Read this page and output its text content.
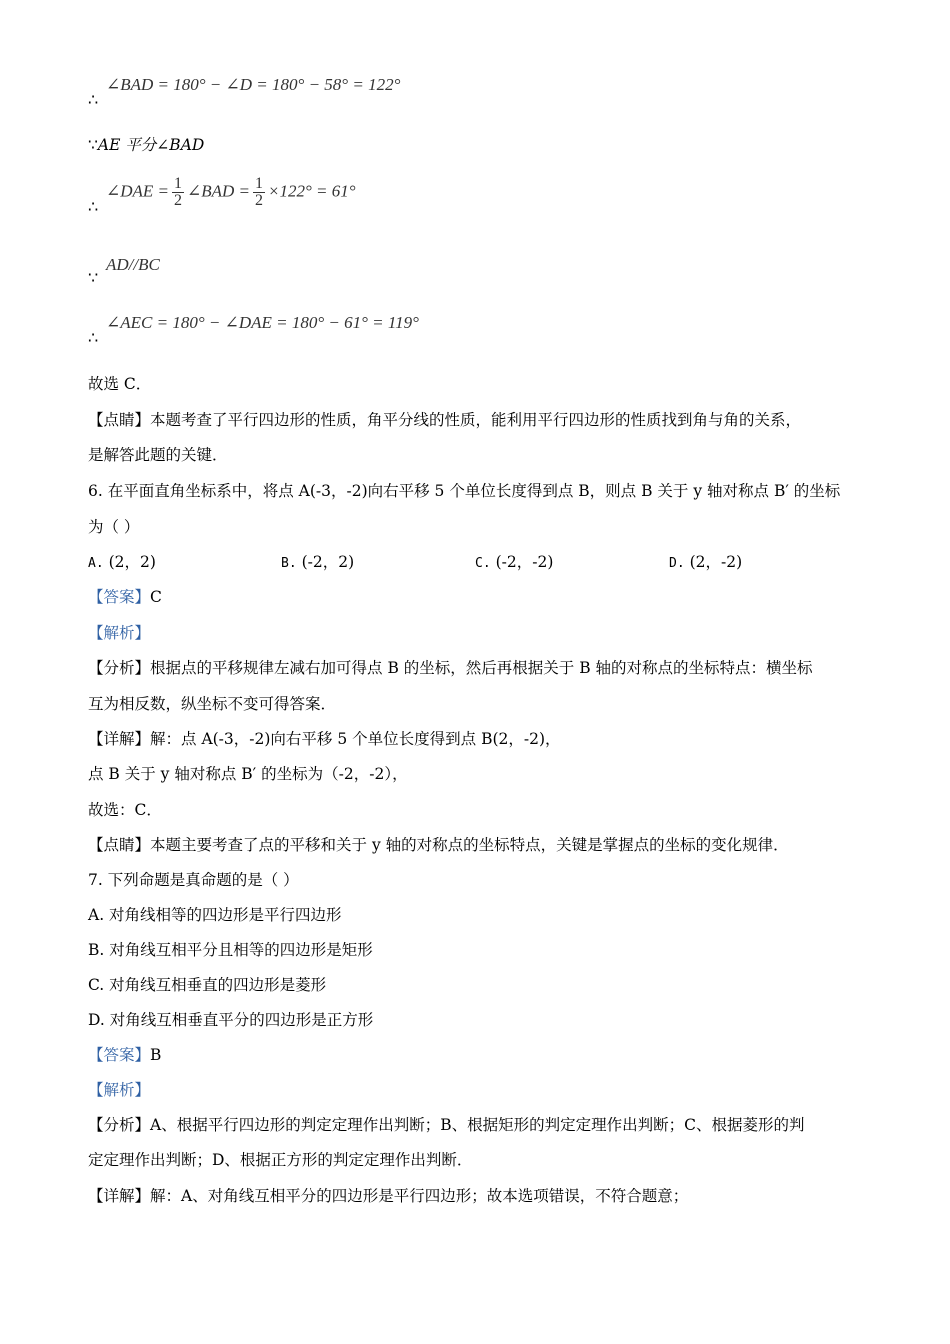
∠BAD = 180° − ∠D = 180° − 58° = 122°
∴
∵AE 平分∠BAD
∠DAE = $\frac{1}{2}$ ∠BAD = $\frac{1}{2} \times 122^\circ = 61^\circ$
∴
AD//BC
∵
∠AEC = 180° − ∠DAE = 180° − 61° = 119°
∴
故选 C．
【点睛】本题考查了平行四边形的性质，角平分线的性质，能利用平行四边形的性质找到角与角的关系，
是解答此题的关键．
6. 在平面直角坐标系中，将点 A(-3，-2)向右平移 5 个单位长度得到点 B，则点 B 关于 y 轴对称点 B′ 的坐标
为（ ）
A. (2，2)	B. (-2，2)	C. (-2，-2)	D. (2，-2)
【答案】C
【解析】
【分析】根据点的平移规律左减右加可得点 B 的坐标，然后再根据关于 B 轴的对称点的坐标特点：横坐标
互为相反数，纵坐标不变可得答案．
【详解】解：点 A(-3，-2)向右平移 5 个单位长度得到点 B(2，-2)，
点 B 关于 y 轴对称点 B′ 的坐标为（-2，-2），
故选：C．
【点睛】本题主要考查了点的平移和关于 y 轴的对称点的坐标特点，关键是掌握点的坐标的变化规律．
7. 下列命题是真命题的是（ ）
A. 对角线相等的四边形是平行四边形
B. 对角线互相平分且相等的四边形是矩形
C. 对角线互相垂直的四边形是菱形
D. 对角线互相垂直平分的四边形是正方形
【答案】B
【解析】
【分析】A、根据平行四边形的判定定理作出判断；B、根据矩形的判定定理作出判断；C、根据菱形的判
定定理作出判断；D、根据正方形的判定定理作出判断．
【详解】解：A、对角线互相平分的四边形是平行四边形；故本选项错误，不符合题意；
